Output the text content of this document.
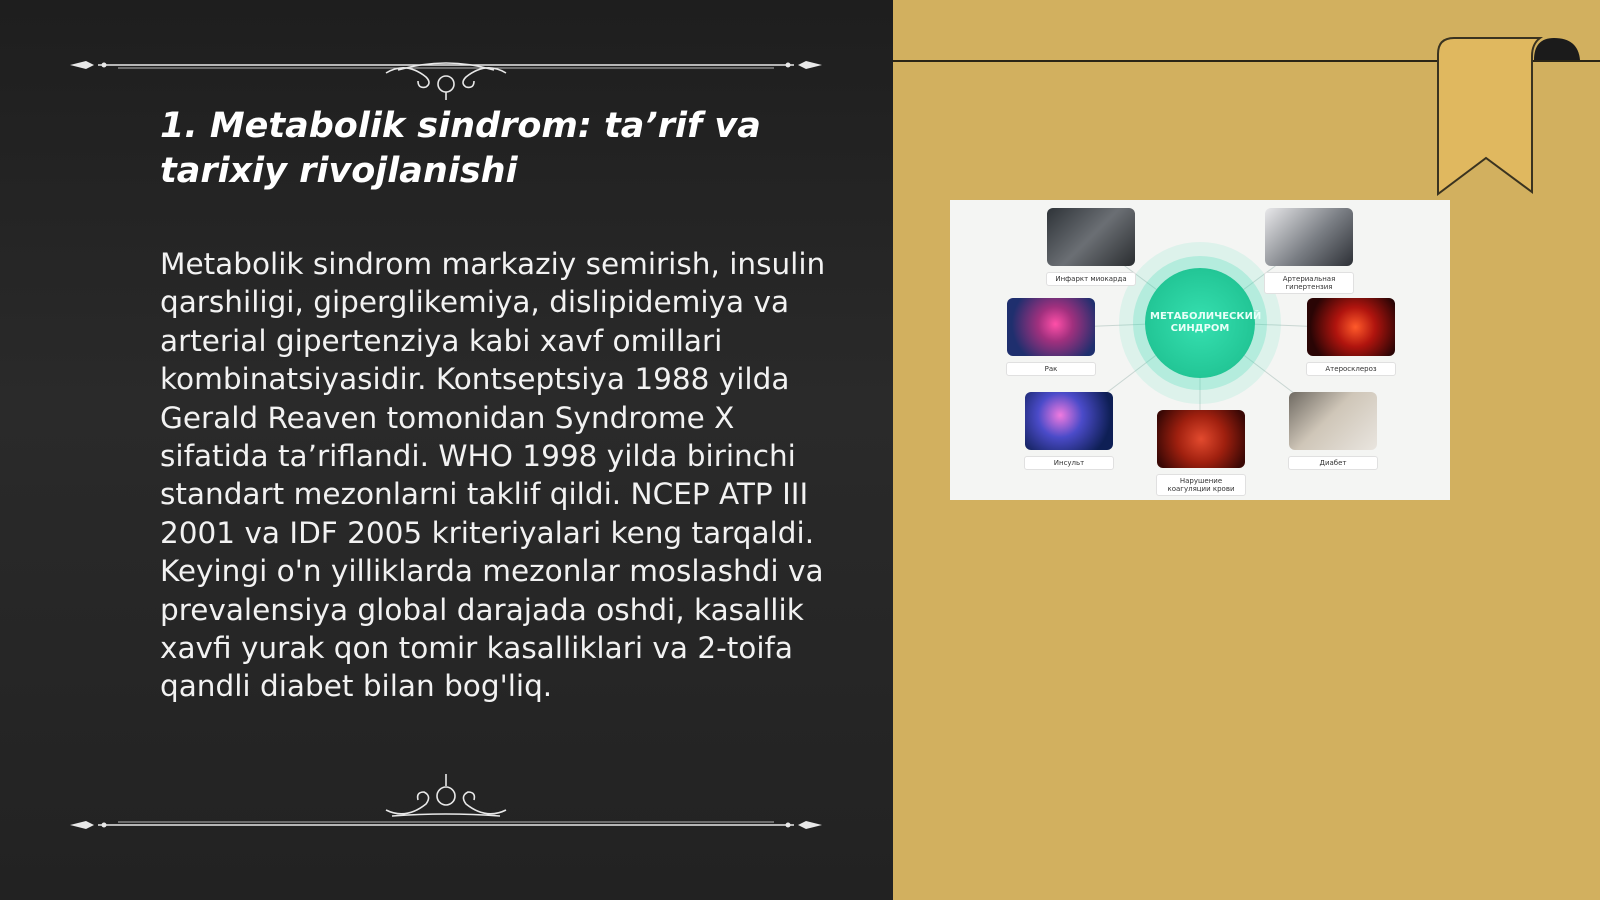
1. Metabolik sindrom: ta’rif va tarixiy rivojlanishi

Metabolik sindrom markaziy semirish, insulin qarshiligi, giperglikemiya, dislipidemiya va arterial gipertenziya kabi xavf omillari kombinatsiyasidir. Kontseptsiya 1988 yilda Gerald Reaven tomonidan Syndrome X sifatida ta’riflandi. WHO 1998 yilda birinchi standart mezonlarni taklif qildi. NCEP ATP III 2001 va IDF 2005 kriteriyalari keng tarqaldi. Keyingi o'n yilliklarda mezonlar moslashdi va prevalensiya global darajada oshdi, kasallik xavfi yurak qon tomir kasalliklari va 2-toifa qandli diabet bilan bog'liq.

МЕТАБОЛИЧЕСКИЙ СИНДРОМ
Инфаркт миокарда	Артериальная гипертензия
Рак	Атеросклероз
Инсульт
Нарушение коагуляции крови
Диабет
